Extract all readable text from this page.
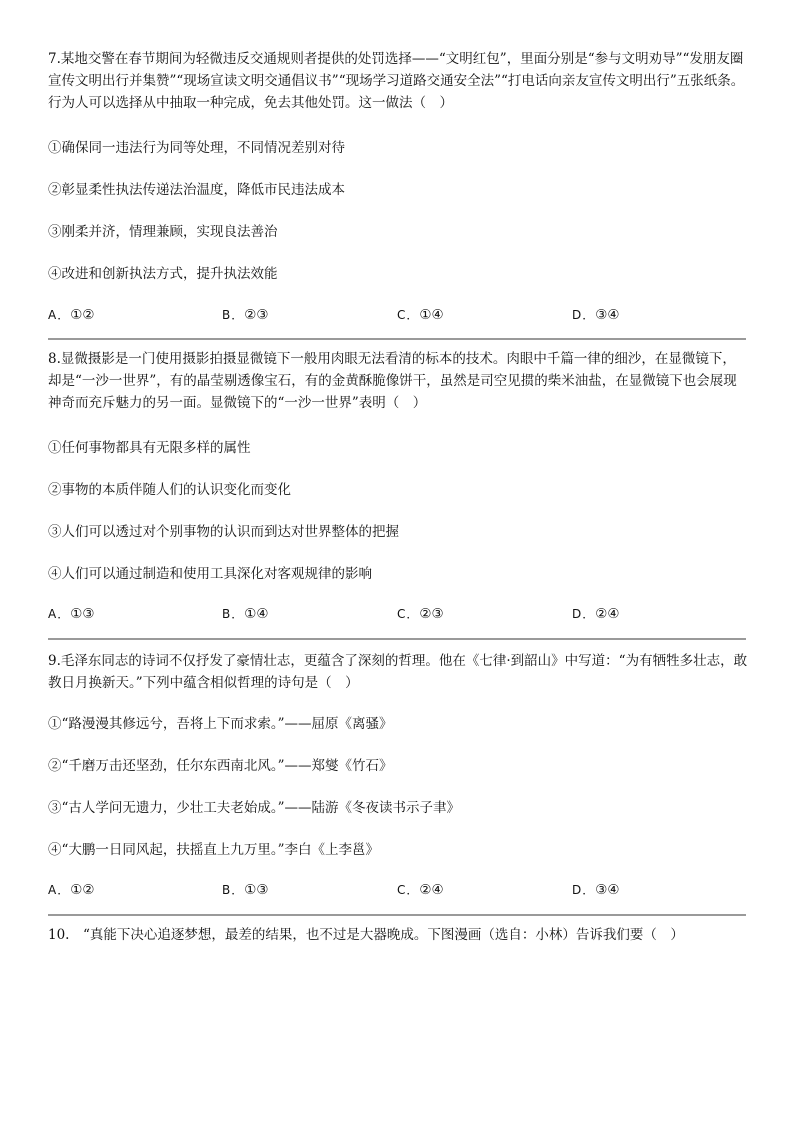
7.某地交警在春节期间为轻微违反交通规则者提供的处罚选择——“文明红包”，里面分别是“参与文明劝导”“发朋友圈宣传文明出行并集赞”“现场宣读文明交通倡议书”“现场学习道路交通安全法”“打电话向亲友宣传文明出行”五张纸条。行为人可以选择从中抽取一种完成，免去其他处罚。这一做法（　）

①确保同一违法行为同等处理，不同情况差别对待
②彰显柔性执法传递法治温度，降低市民违法成本
③刚柔并济，情理兼顾，实现良法善治
④改进和创新执法方式，提升执法效能
A．①②	B．②③	C．①④	D．③④

8.显微摄影是一门使用摄影拍摄显微镜下一般用肉眼无法看清的标本的技术。肉眼中千篇一律的细沙，在显微镜下，却是“一沙一世界”，有的晶莹剔透像宝石，有的金黄酥脆像饼干，虽然是司空见掼的柴米油盐，在显微镜下也会展现神奇而充斥魅力的另一面。显微镜下的“一沙一世界”表明（　）

①任何事物都具有无限多样的属性
②事物的本质伴随人们的认识变化而变化
③人们可以透过对个别事物的认识而到达对世界整体的把握
④人们可以通过制造和使用工具深化对客观规律的影响
A．①③	B．①④	C．②③	D．②④

9.毛泽东同志的诗词不仅抒发了豪情壮志，更蕴含了深刻的哲理。他在《七律·到韶山》中写道：“为有牺牲多壮志，敢教日月换新天。”下列中蕴含相似哲理的诗句是（　）

①“路漫漫其修远兮，吾将上下而求索。”——屈原《离骚》
②“千磨万击还坚劲，任尔东西南北风。”——郑燮《竹石》
③“古人学问无遗力，少壮工夫老始成。”——陆游《冬夜读书示子聿》
④“大鹏一日同风起，扶摇直上九万里。”李白《上李邕》
A．①②	B．①③	C．②④	D．③④

10.　 “真能下决心追逐梦想，最差的结果，也不过是大器晚成。下图漫画（选自：小林）告诉我们要（　）
